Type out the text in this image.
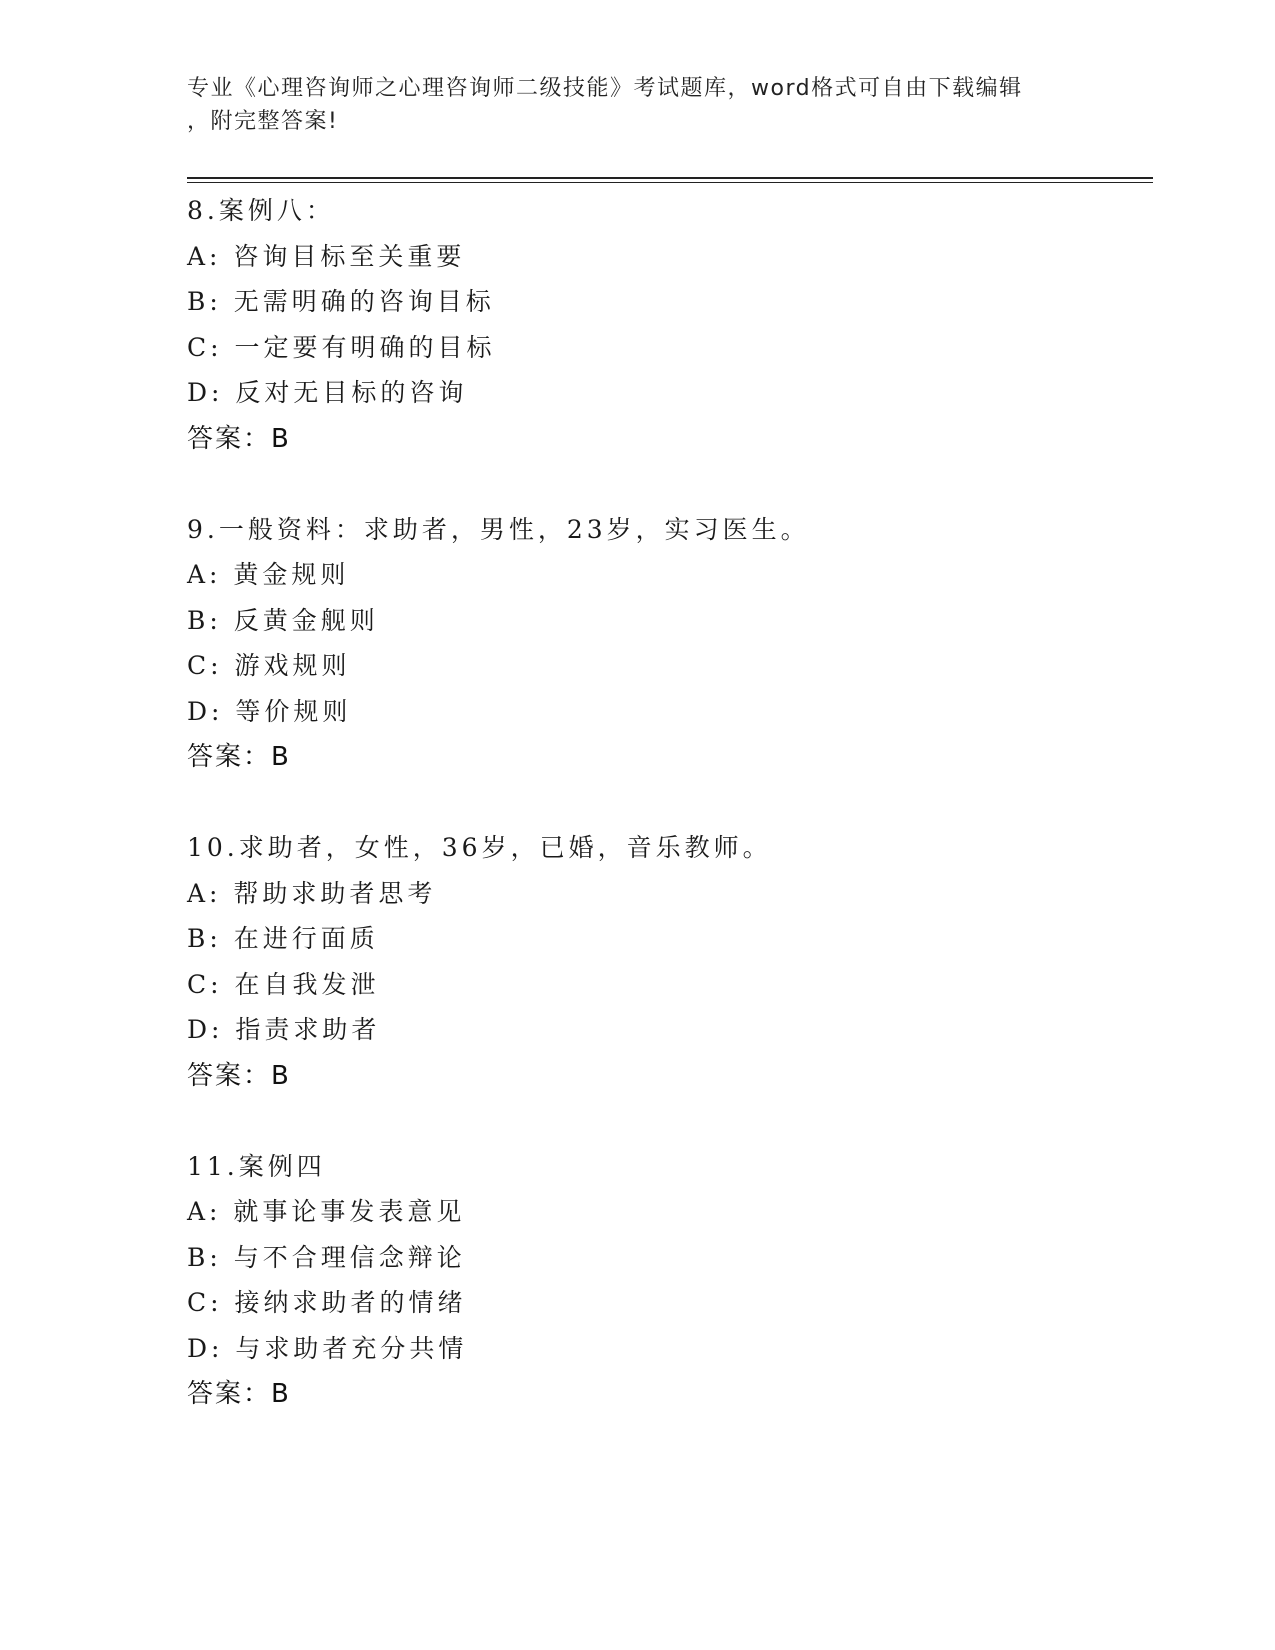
专业《心理咨询师之心理咨询师二级技能》考试题库，word格式可自由下载编辑
，附完整答案!
8.案例八：
A: 咨询目标至关重要
B: 无需明确的咨询目标
C: 一定要有明确的目标
D: 反对无目标的咨询
答案：B
9.一般资料：求助者，男性，23岁，实习医生。
A: 黄金规则
B: 反黄金舰则
C: 游戏规则
D: 等价规则
答案：B
10.求助者，女性，36岁，已婚，音乐教师。
A: 帮助求助者思考
B: 在进行面质
C: 在自我发泄
D: 指责求助者
答案：B
11.案例四
A: 就事论事发表意见
B: 与不合理信念辩论
C: 接纳求助者的情绪
D: 与求助者充分共情
答案：B
